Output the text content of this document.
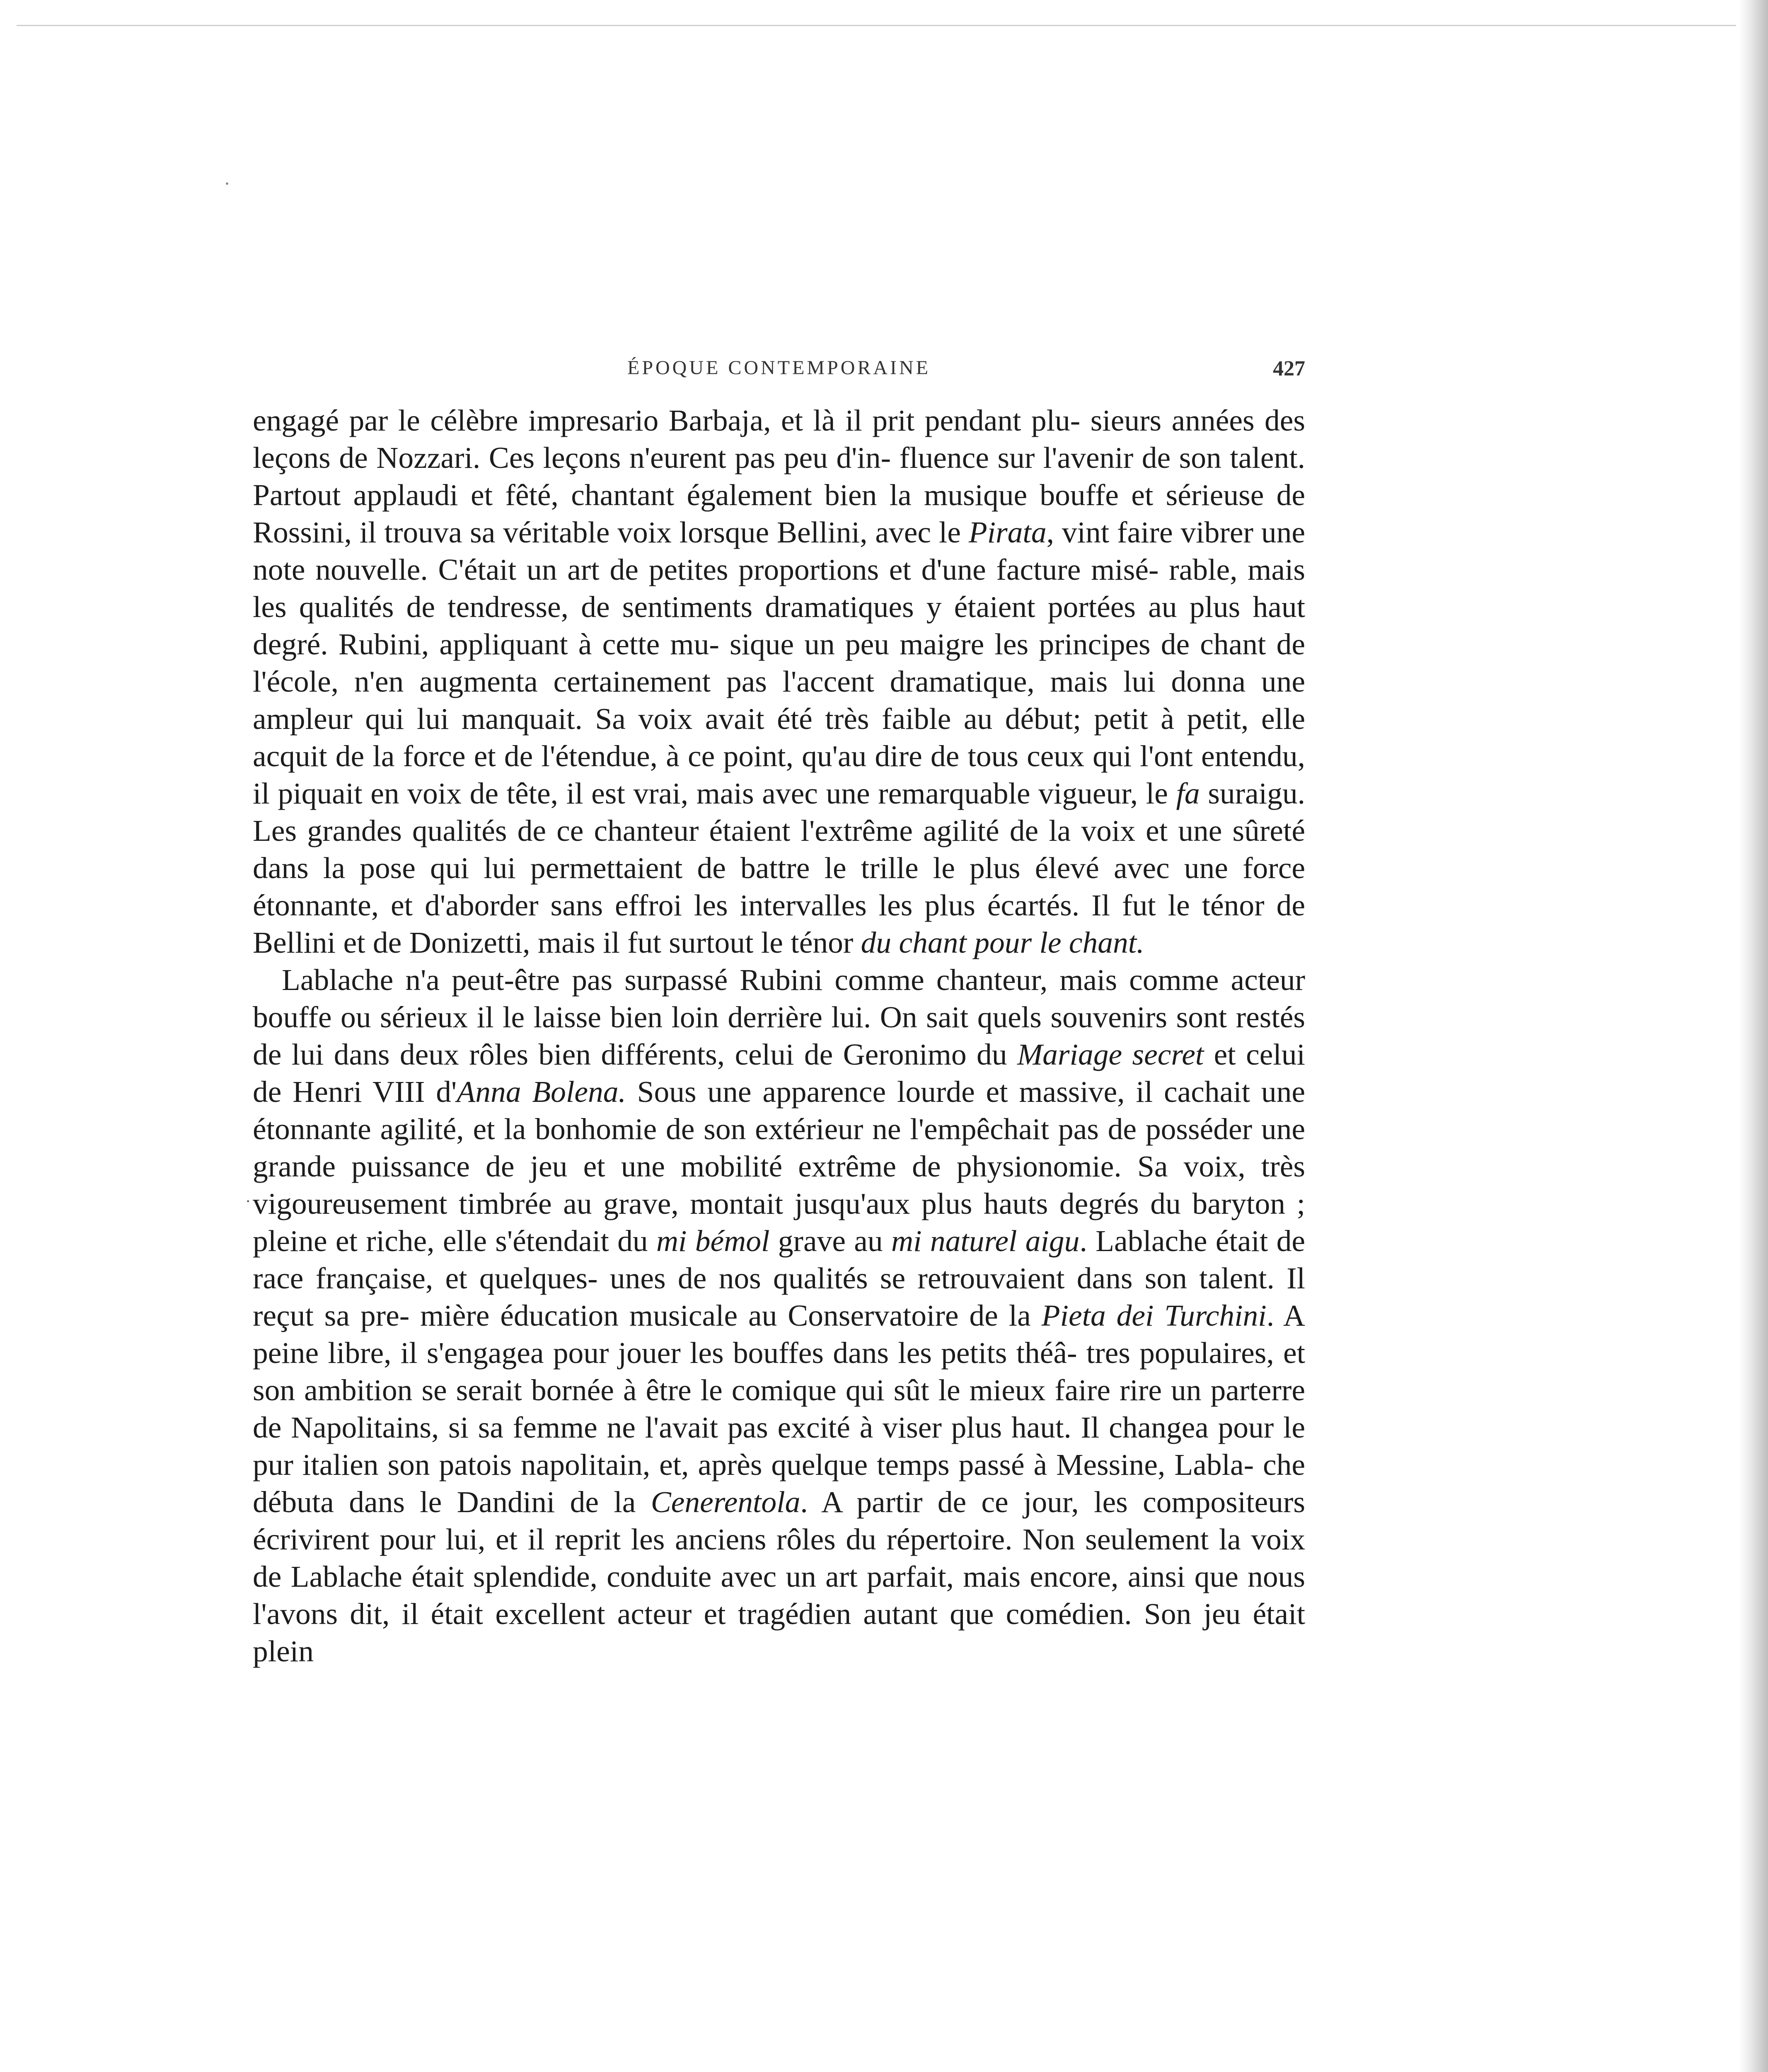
·
ÉPOQUE CONTEMPORAINE	427

engagé par le célèbre impresario Barbaja, et là il prit pendant plu- sieurs années des leçons de Nozzari. Ces leçons n'eurent pas peu d'in- fluence sur l'avenir de son talent. Partout applaudi et fêté, chantant également bien la musique bouffe et sérieuse de Rossini, il trouva sa véritable voix lorsque Bellini, avec le Pirata, vint faire vibrer une note nouvelle. C'était un art de petites proportions et d'une facture misé- rable, mais les qualités de tendresse, de sentiments dramatiques y étaient portées au plus haut degré. Rubini, appliquant à cette mu- sique un peu maigre les principes de chant de l'école, n'en augmenta certainement pas l'accent dramatique, mais lui donna une ampleur qui lui manquait. Sa voix avait été très faible au début; petit à petit, elle acquit de la force et de l'étendue, à ce point, qu'au dire de tous ceux qui l'ont entendu, il piquait en voix de tête, il est vrai, mais avec une remarquable vigueur, le fa suraigu. Les grandes qualités de ce chanteur étaient l'extrême agilité de la voix et une sûreté dans la pose qui lui permettaient de battre le trille le plus élevé avec une forceétonnante, et d'aborder sans effroi les intervalles les plus écartés. Il fut le ténor de Bellini et de Donizetti, mais il fut surtout le ténor du chant pour le chant.

Lablache n'a peut-être pas surpassé Rubini comme chanteur, mais comme acteur bouffe ou sérieux il le laisse bien loin derrière lui. On sait quels souvenirs sont restés de lui dans deux rôles bien différents, celui de Geronimo du Mariage secret et celui de Henri VIII d'Anna Bolena. Sous une apparence lourde et massive, il cachait une étonnante agilité, et la bonhomie de son extérieur ne l'empêchait pas de posséder une grande puissance de jeu et une mobilité extrême de physionomie. Sa voix, très vigoureusement timbrée au grave, montait jusqu'aux plus hauts degrés du baryton ; pleine et riche, elle s'étendait du mi bémol grave au mi naturel aigu. Lablache était de race française, et quelques- unes de nos qualités se retrouvaient dans son talent. Il reçut sa pre- mière éducation musicale au Conservatoire de la Pieta dei Turchini. A peine libre, il s'engagea pour jouer les bouffes dans les petits théâ- tres populaires, et son ambition se serait bornée à être le comique qui sût le mieux faire rire un parterre de Napolitains, si sa femme ne l'avait pas excité à viser plus haut. Il changea pour le pur italien son patois napolitain, et, après quelque temps passé à Messine, Labla- che débuta dans le Dandini de la Cenerentola. A partir de ce jour, les compositeurs écrivirent pour lui, et il reprit les anciens rôles du répertoire. Non seulement la voix de Lablache était splendide, conduite avec un art parfait, mais encore, ainsi que nous l'avons dit, il était excellent acteur et tragédien autant que comédien. Son jeu était plein
